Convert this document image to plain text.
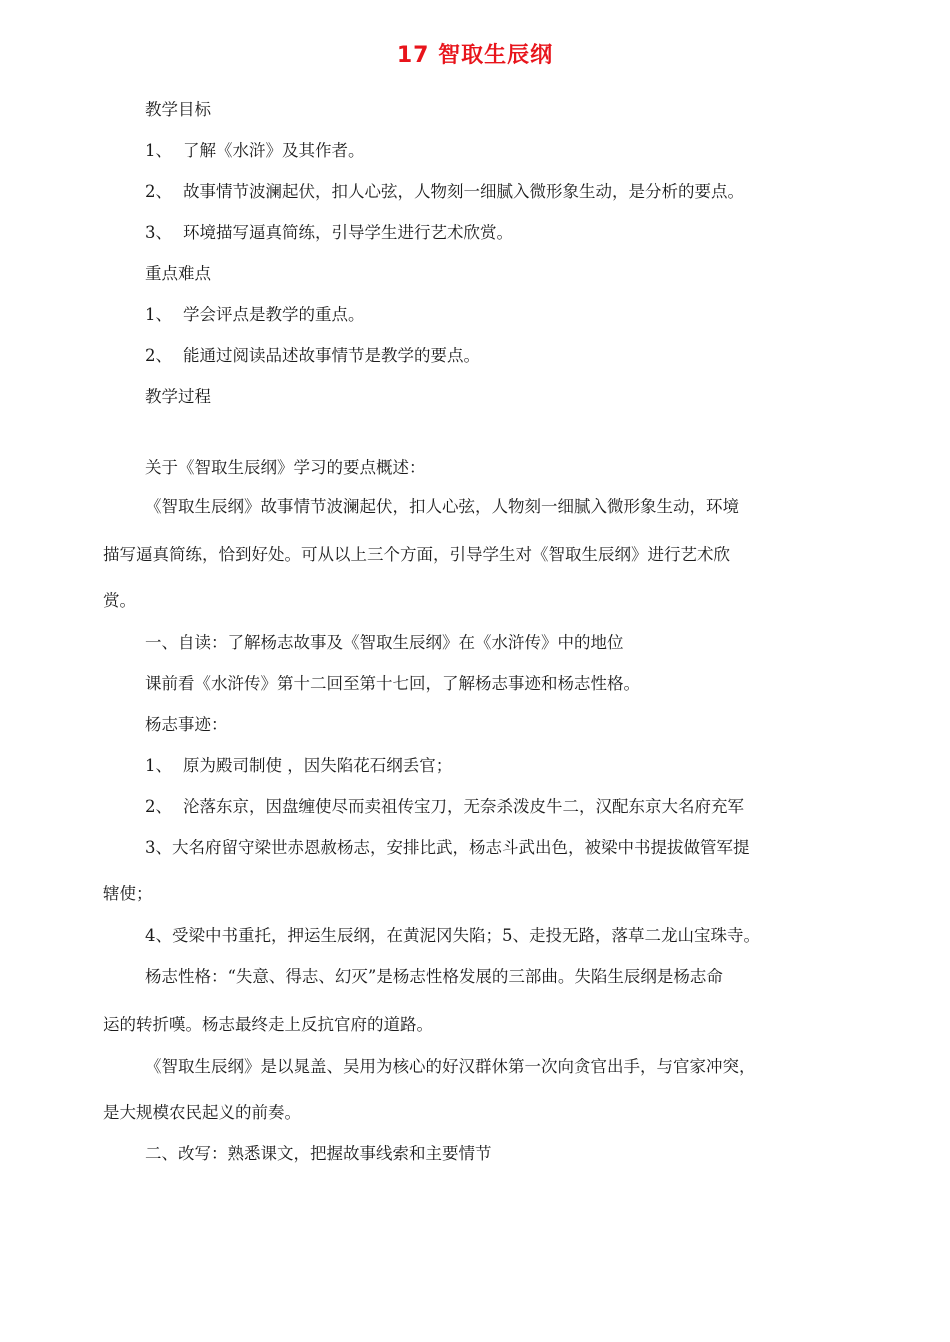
17 智取生辰纲
教学目标
1、 了解《水浒》及其作者。
2、 故事情节波澜起伏，扣人心弦，人物刻一细腻入微形象生动，是分析的要点。
3、 环境描写逼真简练，引导学生进行艺术欣赏。
重点难点
1、 学会评点是教学的重点。
2、 能通过阅读品述故事情节是教学的要点。
教学过程
关于《智取生辰纲》学习的要点概述：
《智取生辰纲》故事情节波澜起伏，扣人心弦，人物刻一细腻入微形象生动，环境
描写逼真简练，恰到好处。可从以上三个方面，引导学生对《智取生辰纲》进行艺术欣
赏。
一、自读：了解杨志故事及《智取生辰纲》在《水浒传》中的地位
课前看《水浒传》第十二回至第十七回，了解杨志事迹和杨志性格。
杨志事迹：
1、 原为殿司制使 ，因失陷花石纲丢官；
2、 沦落东京，因盘缠使尽而卖祖传宝刀，无奈杀泼皮牛二，汉配东京大名府充军
3、大名府留守梁世赤恩赦杨志，安排比武，杨志斗武出色，被梁中书提拔做管军提
辖使；
4、受梁中书重托，押运生辰纲，在黄泥冈失陷；5、走投无路，落草二龙山宝珠寺。
杨志性格：“失意、得志、幻灭”是杨志性格发展的三部曲。失陷生辰纲是杨志命
运的转折嘆。杨志最终走上反抗官府的道路。
《智取生辰纲》是以晁盖、吴用为核心的好汉群休第一次向贪官出手，与官家冲突，
是大规模农民起义的前奏。
二、改写：熟悉课文，把握故事线索和主要情节
